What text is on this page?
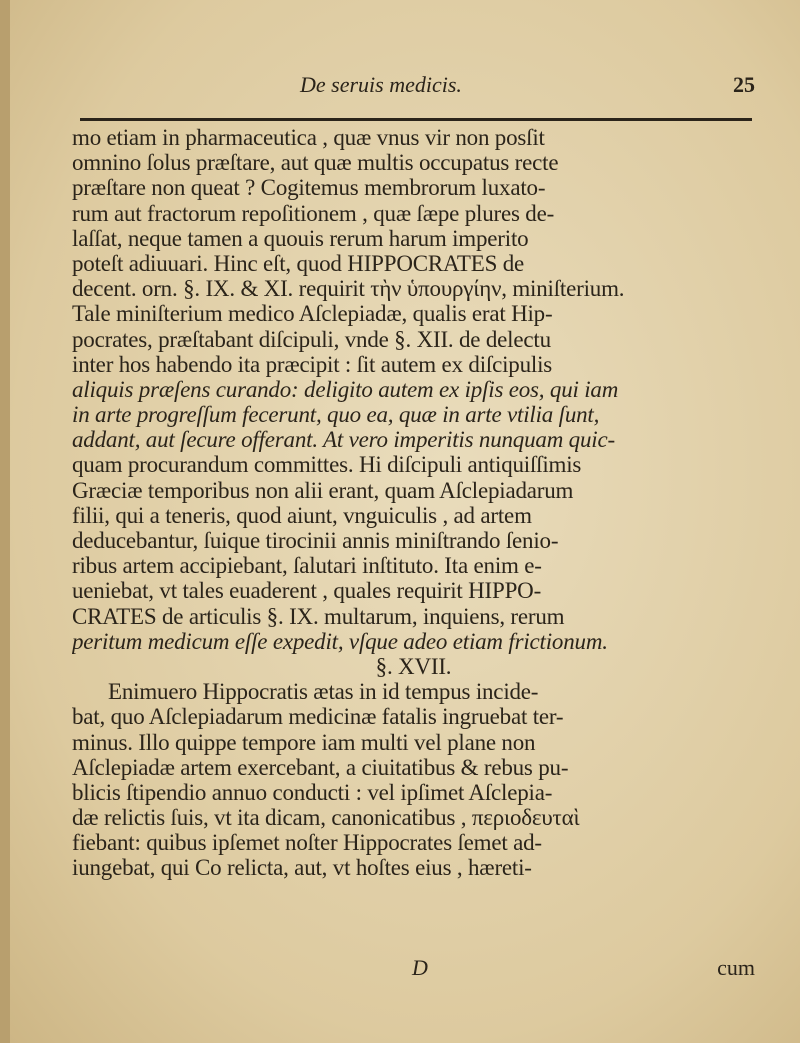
De seruis medicis.	25
mo etiam in pharmaceutica , quæ vnus vir non posſit
omnino ſolus præſtare, aut quæ multis occupatus recte
præſtare non queat ? Cogitemus membrorum luxato-
rum aut fractorum repoſitionem , quæ ſæpe plures de-
laſſat, neque tamen a quouis rerum harum imperito
poteſt adiuuari. Hinc eſt, quod HIPPOCRATES de
decent. orn. §. IX. & XI. requirit τὴν ὑπουργίην, miniſterium.
Tale miniſterium medico Aſclepiadæ, qualis erat Hip-
pocrates, præſtabant diſcipuli, vnde §. XII. de delectu
inter hos habendo ita præcipit : ſit autem ex diſcipulis
aliquis præſens curando: deligito autem ex ipſis eos, qui iam
in arte progreſſum fecerunt, quo ea, quæ in arte vtilia ſunt,
addant, aut ſecure offerant. At vero imperitis nunquam quic-
quam procurandum committes. Hi diſcipuli antiquiſſimis
Græciæ temporibus non alii erant, quam Aſclepiadarum
filii, qui a teneris, quod aiunt, vnguiculis , ad artem
deducebantur, ſuique tirocinii annis miniſtrando ſenio-
ribus artem accipiebant, ſalutari inſtituto. Ita enim e-
ueniebat, vt tales euaderent , quales requirit HIPPO-
CRATES de articulis §. IX. multarum, inquiens, rerum
peritum medicum eſſe expedit, vſque adeo etiam frictionum.
§. XVII.
Enimuero Hippocratis ætas in id tempus incide-
bat, quo Aſclepiadarum medicinæ fatalis ingruebat ter-
minus. Illo quippe tempore iam multi vel plane non
Aſclepiadæ artem exercebant, a ciuitatibus & rebus pu-
blicis ſtipendio annuo conducti : vel ipſimet Aſclepia-
dæ relictis ſuis, vt ita dicam, canonicatibus , περιοδευταὶ
fiebant: quibus ipſemet noſter Hippocrates ſemet ad-
iungebat, qui Co relicta, aut, vt hoſtes eius , hæreti-
D	cum
